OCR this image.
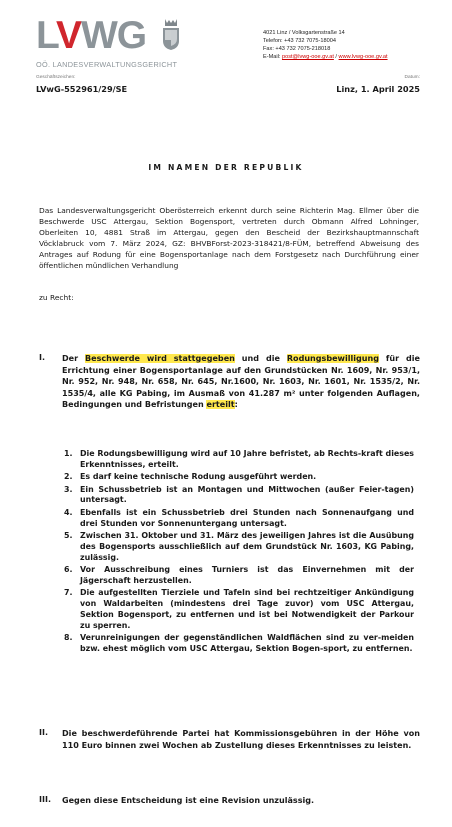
LVWG
OÖ. LANDESVERWALTUNGSGERICHT
4021 Linz / Volksgartenstraße 14
Telefon: +43 732 7075-18004
Fax: +43 732 7075-218018
E-Mail: post@lvwg-ooe.gv.at / www.lvwg-ooe.gv.at
Geschäftszeichen:	Datum:
LVwG-552961/29/SE	Linz, 1. April 2025
IM NAMEN DER REPUBLIK
Das Landesverwaltungsgericht Oberösterreich erkennt durch seine Richterin Mag. Ellmer über die Beschwerde USC Attergau, Sektion Bogensport, vertreten durch Obmann Alfred Lohninger, Oberleiten 10, 4881 Straß im Attergau, gegen den Bescheid der Bezirkshauptmannschaft Vöcklabruck vom 7. März 2024, GZ: BHVBForst-2023-318421/8-FÜM, betreffend Abweisung des Antrages auf Rodung für eine Bogensportanlage nach dem Forstgesetz nach Durchführung einer öffentlichen mündlichen Verhandlung
zu Recht:
I. Der Beschwerde wird stattgegeben und die Rodungsbewilligung für die Errichtung einer Bogensportanlage auf den Grundstücken Nr. 1609, Nr. 953/1, Nr. 952, Nr. 948, Nr. 658, Nr. 645, Nr.1600, Nr. 1603, Nr. 1601, Nr. 1535/2, Nr. 1535/4, alle KG Pabing, im Ausmaß von 41.287 m² unter folgenden Auflagen, Bedingungen und Befristungen erteilt:
1. Die Rodungsbewilligung wird auf 10 Jahre befristet, ab Rechts-kraft dieses Erkenntnisses, erteilt.
2. Es darf keine technische Rodung ausgeführt werden.
3. Ein Schussbetrieb ist an Montagen und Mittwochen (außer Feier-tagen) untersagt.
4. Ebenfalls ist ein Schussbetrieb drei Stunden nach Sonnenaufgang und drei Stunden vor Sonnenuntergang untersagt.
5. Zwischen 31. Oktober und 31. März des jeweiligen Jahres ist die Ausübung des Bogensports ausschließlich auf dem Grundstück Nr. 1603, KG Pabing, zulässig.
6. Vor Ausschreibung eines Turniers ist das Einvernehmen mit der Jägerschaft herzustellen.
7. Die aufgestellten Tierziele und Tafeln sind bei rechtzeitiger Ankündigung von Waldarbeiten (mindestens drei Tage zuvor) vom USC Attergau, Sektion Bogensport, zu entfernen und ist bei Notwendigkeit der Parkour zu sperren.
8. Verunreinigungen der gegenständlichen Waldflächen sind zu ver-meiden bzw. ehest möglich vom USC Attergau, Sektion Bogen-sport, zu entfernen.
II. Die beschwerdeführende Partei hat Kommissionsgebühren in der Höhe von 110 Euro binnen zwei Wochen ab Zustellung dieses Erkenntnisses zu leisten.
III. Gegen diese Entscheidung ist eine Revision unzulässig.
